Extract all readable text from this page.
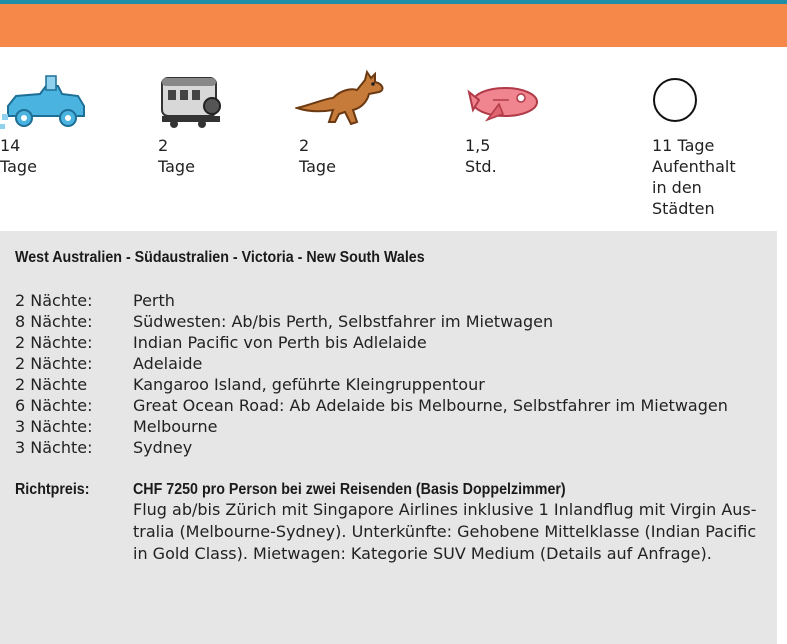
14 Tage
2 Tage
2 Tage
1,5 Std.
11 Tage
Aufenthalt
in den Städten
West Australien - Südaustralien - Victoria - New South Wales
2 Nächte:	Perth
8 Nächte:	Südwesten: Ab/bis Perth, Selbstfahrer im Mietwagen
2 Nächte:	Indian Pacific von Perth bis Adlelaide
2 Nächte:	Adelaide
2 Nächte	Kangaroo Island, geführte Kleingruppentour
6 Nächte:	Great Ocean Road: Ab Adelaide bis Melbourne, Selbstfahrer im Mietwagen
3 Nächte:	Melbourne
3 Nächte:	Sydney
Richtpreis:	CHF 7250 pro Person bei zwei Reisenden (Basis Doppelzimmer)
Flug ab/bis Zürich mit Singapore Airlines inklusive 1 Inlandflug mit Virgin Aus-
tralia (Melbourne-Sydney). Unterkünfte: Gehobene Mittelklasse (Indian Pacific
in Gold Class). Mietwagen: Kategorie SUV Medium (Details auf Anfrage).
